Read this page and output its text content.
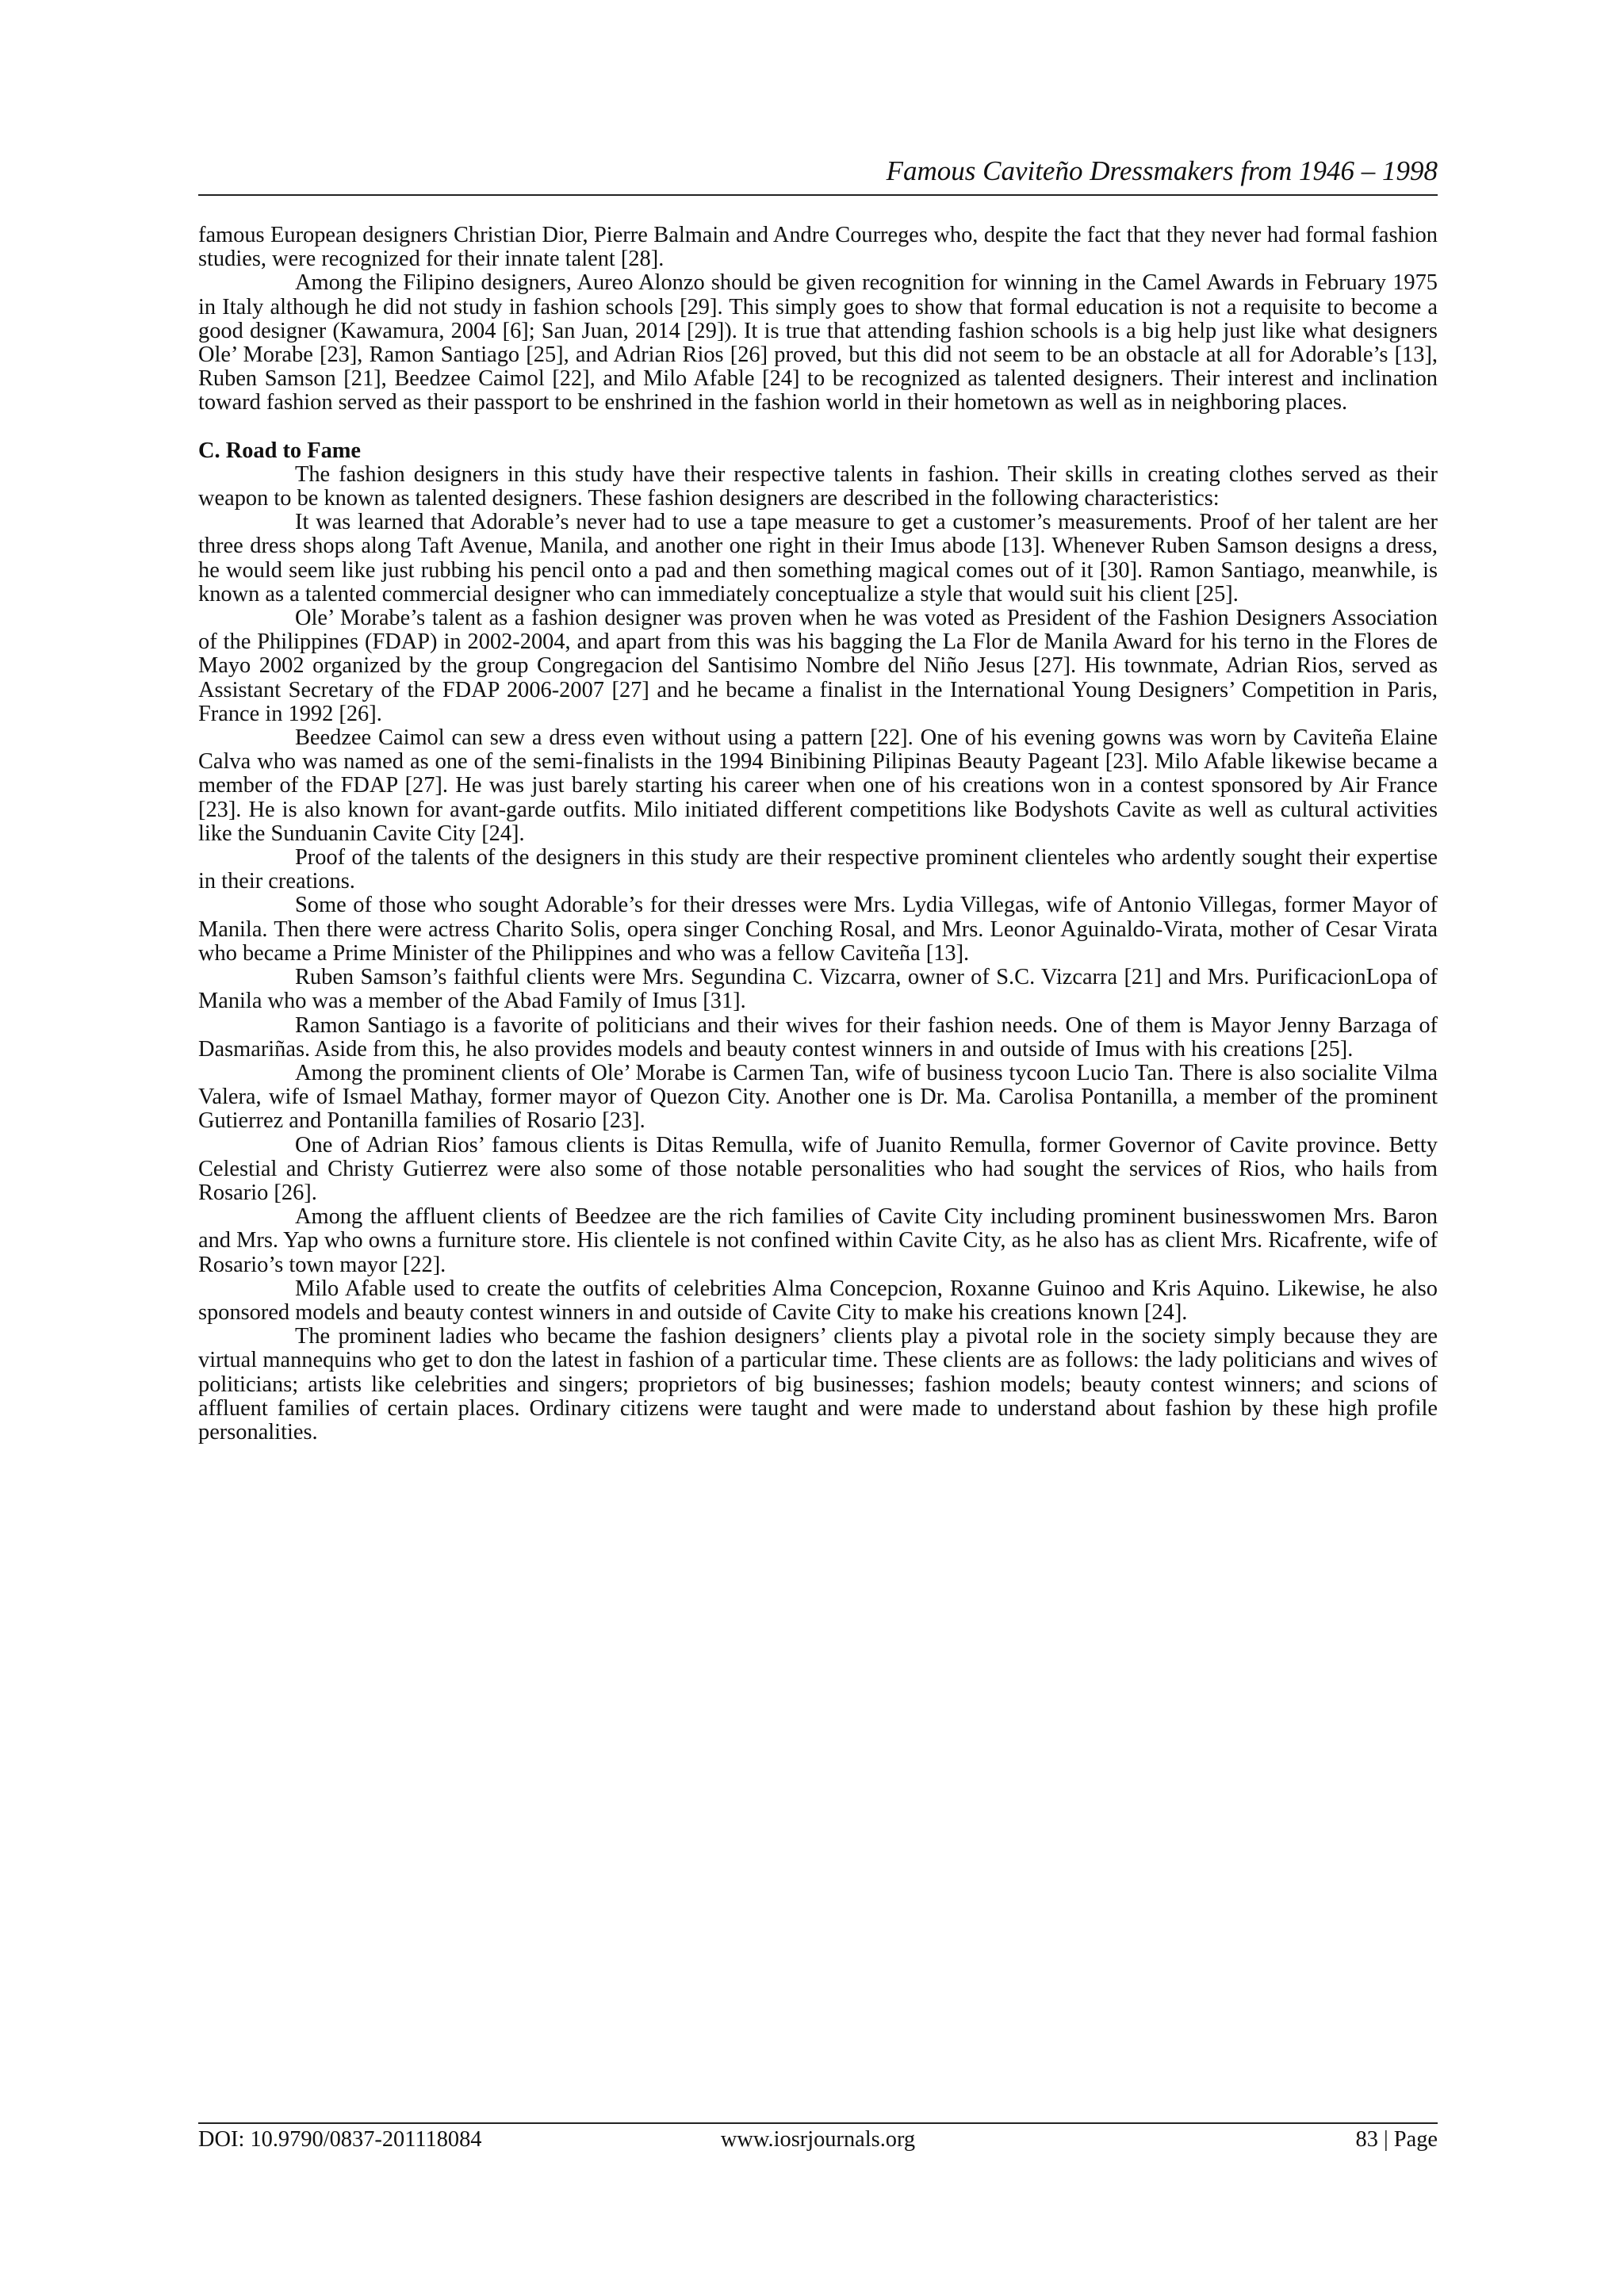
Famous Caviteño Dressmakers from 1946 – 1998

famous European designers Christian Dior, Pierre Balmain and Andre Courreges who, despite the fact that they never had formal fashion studies, were recognized for their innate talent [28].

Among the Filipino designers, Aureo Alonzo should be given recognition for winning in the Camel Awards in February 1975 in Italy although he did not study in fashion schools [29]. This simply goes to show that formal education is not a requisite to become a good designer (Kawamura, 2004 [6]; San Juan, 2014 [29]). It is true that attending fashion schools is a big help just like what designers Ole’ Morabe [23], Ramon Santiago [25], and Adrian Rios [26] proved, but this did not seem to be an obstacle at all for Adorable’s [13], Ruben Samson [21], Beedzee Caimol [22], and Milo Afable [24] to be recognized as talented designers. Their interest and inclination toward fashion served as their passport to be enshrined in the fashion world in their hometown as well as in neighboring places.

C. Road to Fame

The fashion designers in this study have their respective talents in fashion. Their skills in creating clothes served as their weapon to be known as talented designers. These fashion designers are described in the following characteristics:

It was learned that Adorable’s never had to use a tape measure to get a customer’s measurements. Proof of her talent are her three dress shops along Taft Avenue, Manila, and another one right in their Imus abode [13]. Whenever Ruben Samson designs a dress, he would seem like just rubbing his pencil onto a pad and then something magical comes out of it [30]. Ramon Santiago, meanwhile, is known as a talented commercial designer who can immediately conceptualize a style that would suit his client [25].

Ole’ Morabe’s talent as a fashion designer was proven when he was voted as President of the Fashion Designers Association of the Philippines (FDAP) in 2002-2004, and apart from this was his bagging the La Flor de Manila Award for his terno in the Flores de Mayo 2002 organized by the group Congregacion del Santisimo Nombre del Niño Jesus [27]. His townmate, Adrian Rios, served as Assistant Secretary of the FDAP 2006-2007 [27] and he became a finalist in the International Young Designers’ Competition in Paris, France in 1992 [26].

Beedzee Caimol can sew a dress even without using a pattern [22]. One of his evening gowns was worn by Caviteña Elaine Calva who was named as one of the semi-finalists in the 1994 Binibining Pilipinas Beauty Pageant [23]. Milo Afable likewise became a member of the FDAP [27]. He was just barely starting his career when one of his creations won in a contest sponsored by Air France [23]. He is also known for avant-garde outfits. Milo initiated different competitions like Bodyshots Cavite as well as cultural activities like the Sunduanin Cavite City [24].

Proof of the talents of the designers in this study are their respective prominent clienteles who ardently sought their expertise in their creations.

Some of those who sought Adorable’s for their dresses were Mrs. Lydia Villegas, wife of Antonio Villegas, former Mayor of Manila. Then there were actress Charito Solis, opera singer Conching Rosal, and Mrs. Leonor Aguinaldo-Virata, mother of Cesar Virata who became a Prime Minister of the Philippines and who was a fellow Caviteña [13].

Ruben Samson’s faithful clients were Mrs. Segundina C. Vizcarra, owner of S.C. Vizcarra [21] and Mrs. PurificacionLopa of Manila who was a member of the Abad Family of Imus [31].

Ramon Santiago is a favorite of politicians and their wives for their fashion needs. One of them is Mayor Jenny Barzaga of Dasmariñas. Aside from this, he also provides models and beauty contest winners in and outside of Imus with his creations [25].

Among the prominent clients of Ole’ Morabe is Carmen Tan, wife of business tycoon Lucio Tan. There is also socialite Vilma Valera, wife of Ismael Mathay, former mayor of Quezon City. Another one is Dr. Ma. Carolisa Pontanilla, a member of the prominent Gutierrez and Pontanilla families of Rosario [23].

One of Adrian Rios’ famous clients is Ditas Remulla, wife of Juanito Remulla, former Governor of Cavite province. Betty Celestial and Christy Gutierrez were also some of those notable personalities who had sought the services of Rios, who hails from Rosario [26].

Among the affluent clients of Beedzee are the rich families of Cavite City including prominent businesswomen Mrs. Baron and Mrs. Yap who owns a furniture store. His clientele is not confined within Cavite City, as he also has as client Mrs. Ricafrente, wife of Rosario’s town mayor [22].

Milo Afable used to create the outfits of celebrities Alma Concepcion, Roxanne Guinoo and Kris Aquino. Likewise, he also sponsored models and beauty contest winners in and outside of Cavite City to make his creations known [24].

The prominent ladies who became the fashion designers’ clients play a pivotal role in the society simply because they are virtual mannequins who get to don the latest in fashion of a particular time. These clients are as follows: the lady politicians and wives of politicians; artists like celebrities and singers; proprietors of big businesses; fashion models; beauty contest winners; and scions of affluent families of certain places. Ordinary citizens were taught and were made to understand about fashion by these high profile personalities.

DOI: 10.9790/0837-201118084	www.iosrjournals.org	83 | Page
